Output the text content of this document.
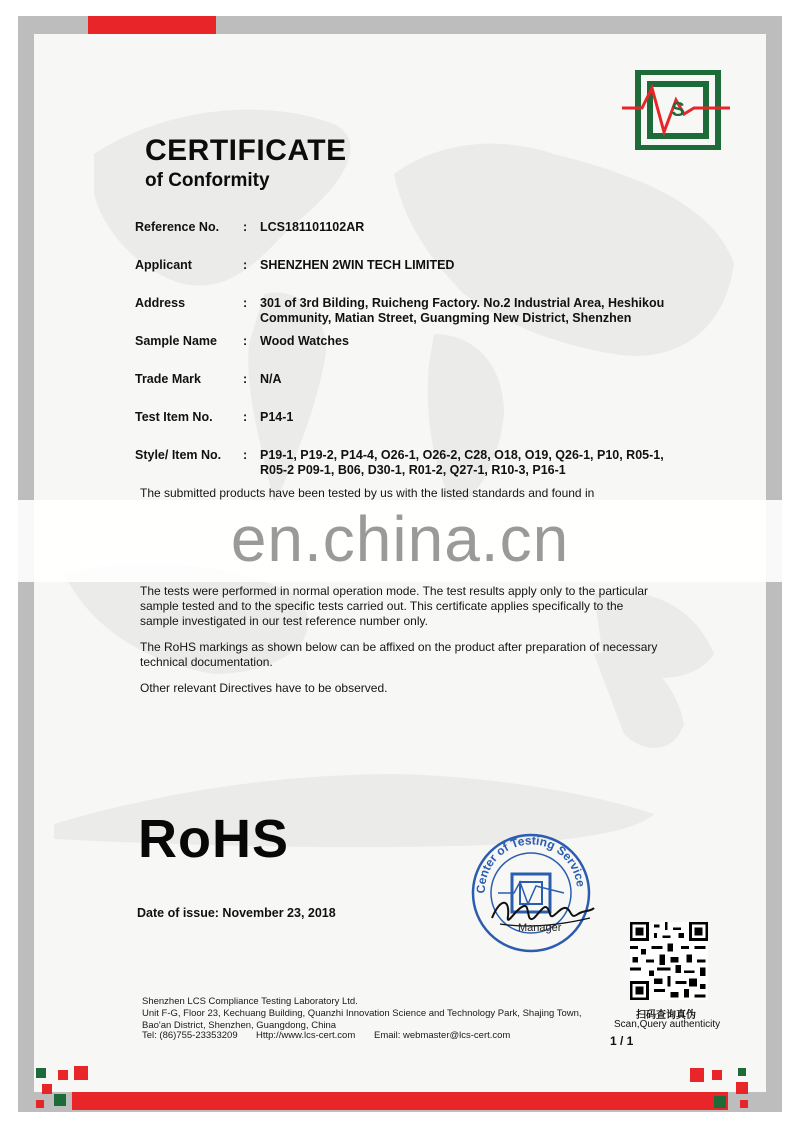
S
CERTIFICATE
of Conformity
Reference No.	: LCS181101102AR
Applicant	: SHENZHEN 2WIN TECH LIMITED
Address	: 301 of 3rd Bilding, Ruicheng Factory. No.2 Industrial Area, Heshikou Community, Matian Street, Guangming New District, Shenzhen
Sample Name	: Wood Watches
Trade Mark	: N/A
Test Item No.	: P14-1
Style/ Item No.	: P19-1, P19-2, P14-4, O26-1, O26-2, C28, O18, O19, Q26-1, P10, R05-1, R05-2 P09-1, B06, D30-1, R01-2, Q27-1, R10-3, P16-1
The submitted products have been tested by us with the listed standards and found in
en.china.cn
The tests were performed in normal operation mode. The test results apply only to the particular sample tested and to the specific tests carried out. This certificate applies specifically to the sample investigated in our test reference number only.
The RoHS markings as shown below can be affixed on the product after preparation of necessary technical documentation.
Other relevant Directives have to be observed.
RoHS
Center of Testing Service
Manager
Date of issue: November 23, 2018
扫码查询真伪
Scan,Query authenticity
1 / 1
Shenzhen LCS Compliance Testing Laboratory Ltd.
Unit F-G, Floor 23, Kechuang Building, Quanzhi Innovation Science and Technology Park, Shajing Town,
Bao'an District, Shenzhen, Guangdong, China
Tel: (86)755-23353209 Http://www.lcs-cert.com Email: webmaster@lcs-cert.com
